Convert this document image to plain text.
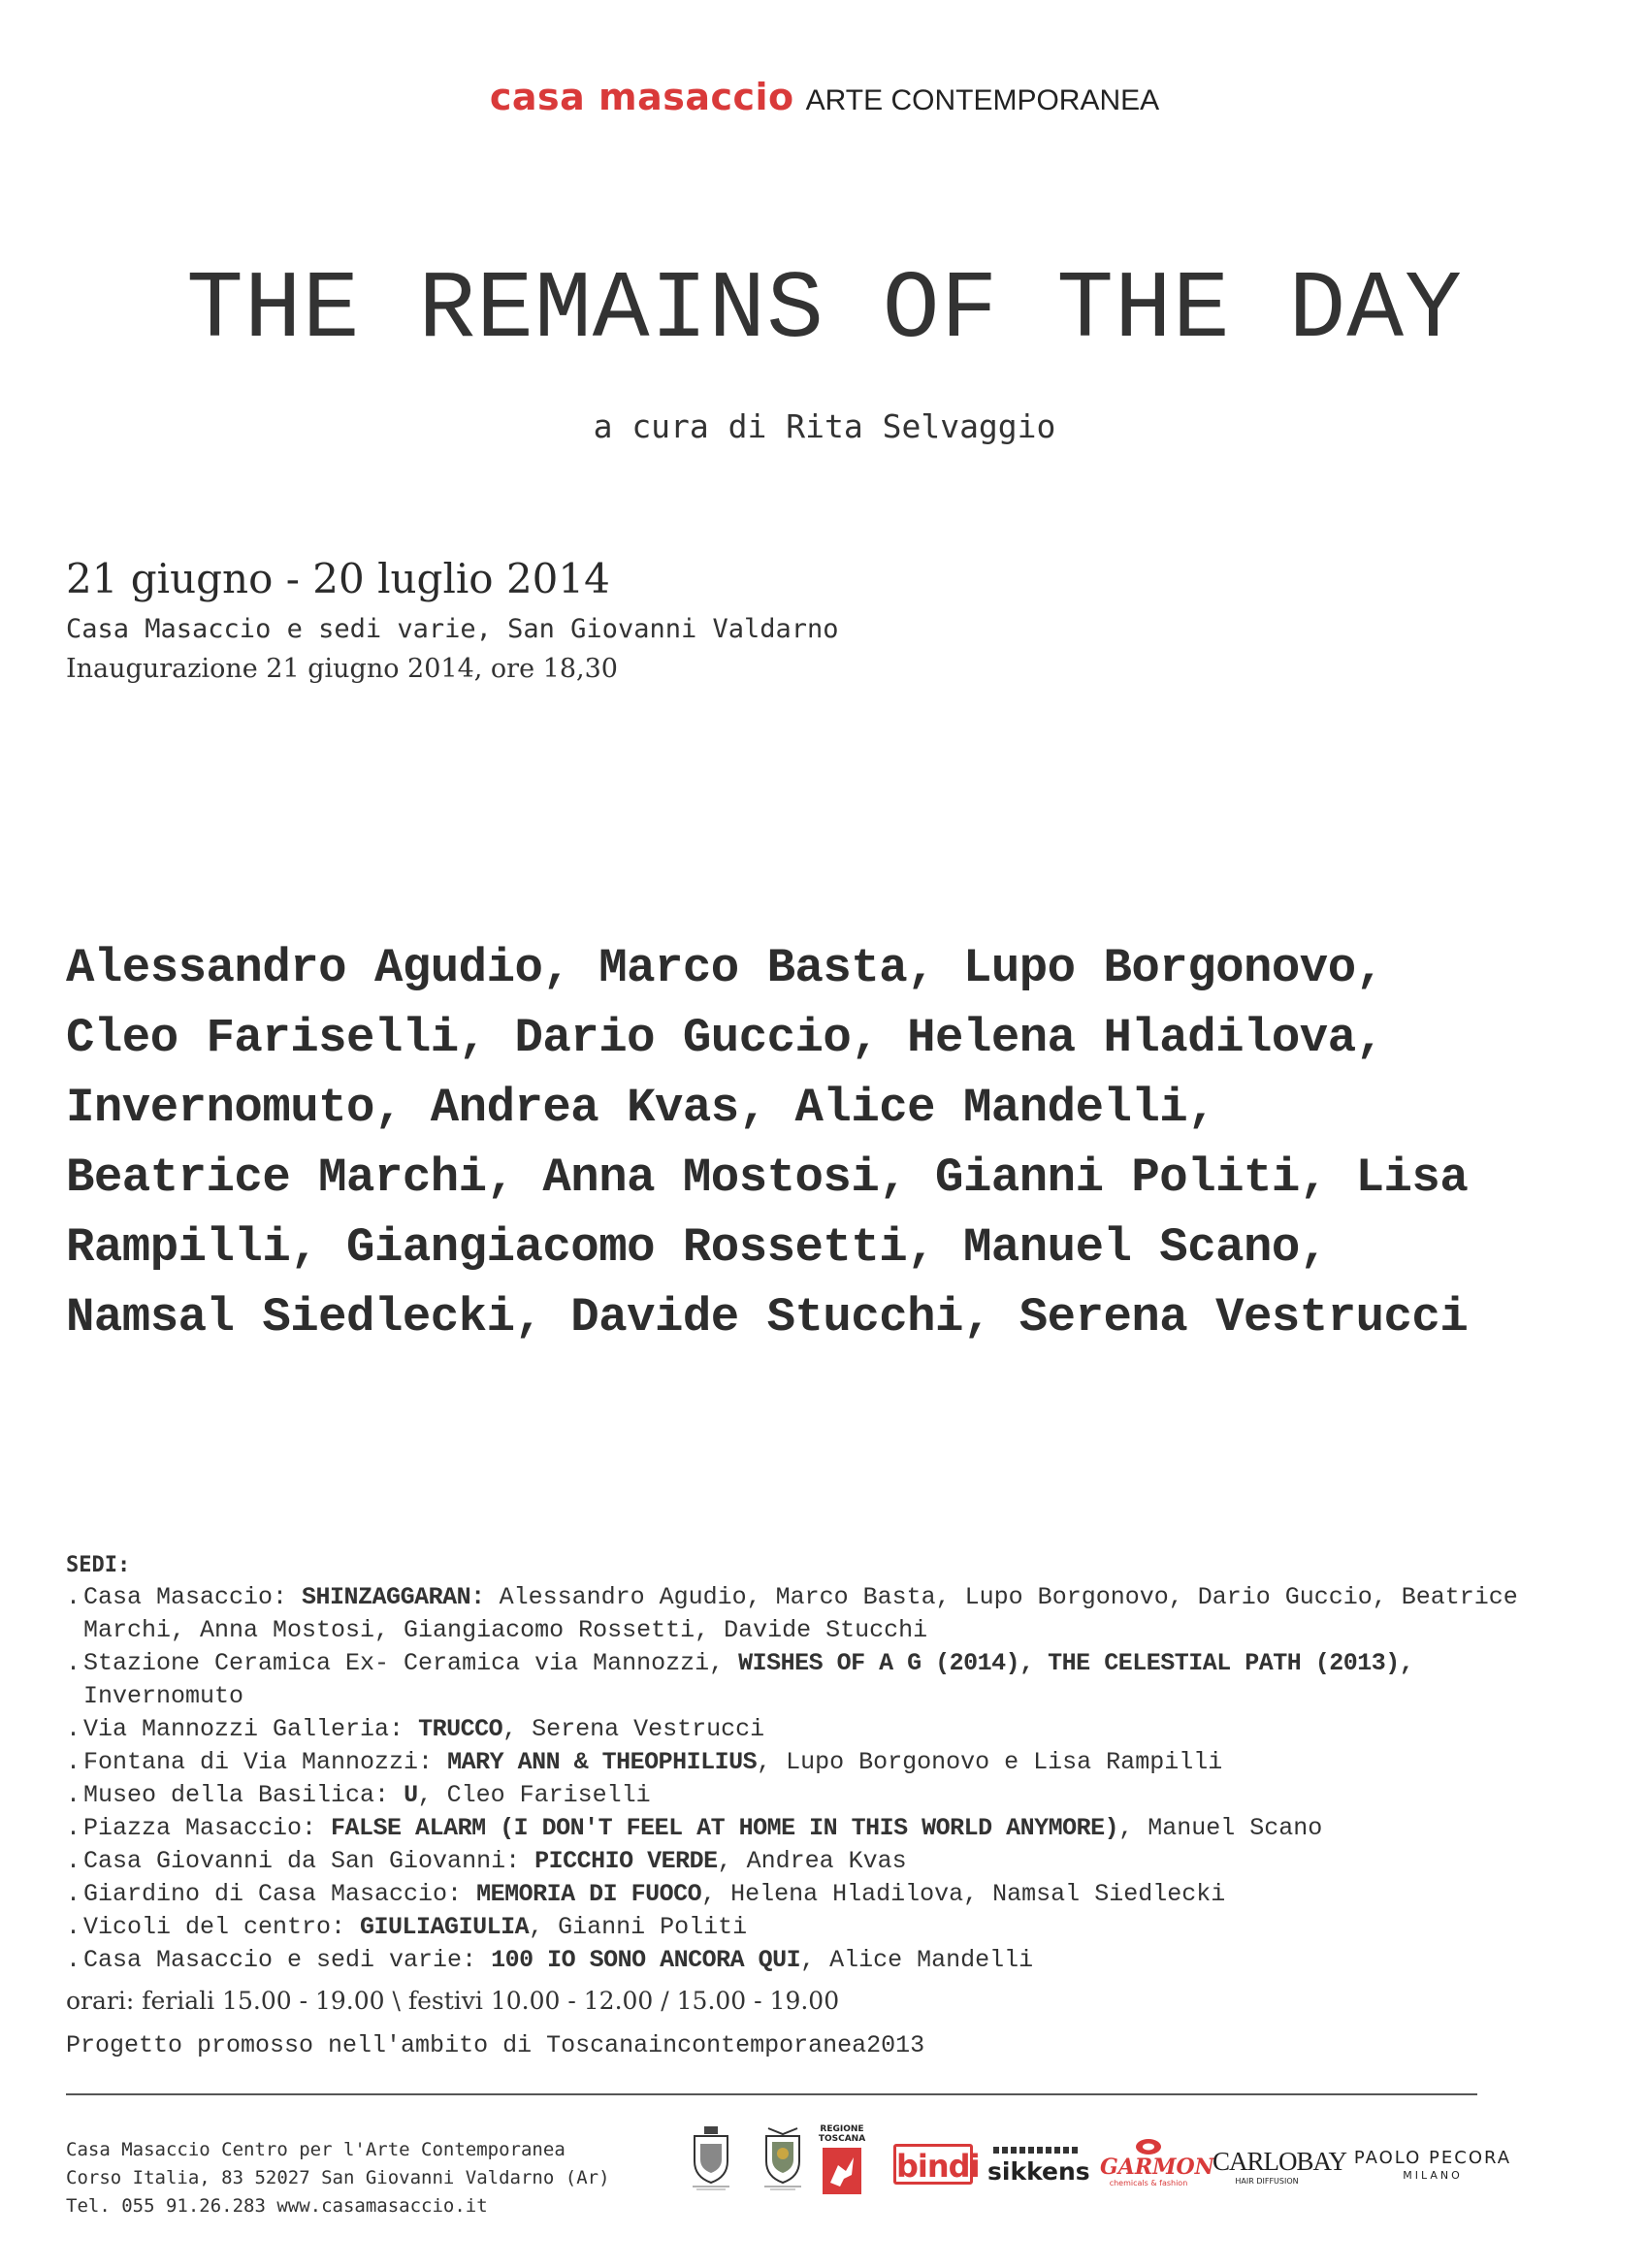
casa masaccio ARTE CONTEMPORANEA
THE REMAINS OF THE DAY
a cura di Rita Selvaggio
21 giugno - 20 luglio 2014
Casa Masaccio e sedi varie, San Giovanni Valdarno
Inaugurazione 21 giugno 2014, ore 18,30
Alessandro Agudio, Marco Basta, Lupo Borgonovo,
Cleo Fariselli, Dario Guccio, Helena Hladilova,
Invernomuto, Andrea Kvas, Alice Mandelli,
Beatrice Marchi, Anna Mostosi, Gianni Politi, Lisa
Rampilli, Giangiacomo Rossetti, Manuel Scano,
Namsal Siedlecki, Davide Stucchi, Serena Vestrucci
SEDI:
. Casa Masaccio: SHINZAGGARAN: Alessandro Agudio, Marco Basta, Lupo Borgonovo, Dario Guccio, Beatrice Marchi, Anna Mostosi, Giangiacomo Rossetti, Davide Stucchi
. Stazione Ceramica Ex- Ceramica via Mannozzi, WISHES OF A G (2014), THE CELESTIAL PATH (2013), Invernomuto
. Via Mannozzi Galleria: TRUCCO, Serena Vestrucci
. Fontana di Via Mannozzi: MARY ANN & THEOPHILIUS, Lupo Borgonovo e Lisa Rampilli
. Museo della Basilica: U, Cleo Fariselli
. Piazza Masaccio: FALSE ALARM (I DON'T FEEL AT HOME IN THIS WORLD ANYMORE), Manuel Scano
. Casa Giovanni da San Giovanni: PICCHIO VERDE, Andrea Kvas
. Giardino di Casa Masaccio: MEMORIA DI FUOCO, Helena Hladilova, Namsal Siedlecki
. Vicoli del centro: GIULIAGIULIA, Gianni Politi
. Casa Masaccio e sedi varie: 100 IO SONO ANCORA QUI, Alice Mandelli
orari: feriali 15.00 - 19.00 \ festivi 10.00 - 12.00 / 15.00 - 19.00
Progetto promosso nell'ambito di Toscanaincontemporanea2013
Casa Masaccio Centro per l'Arte Contemporanea
Corso Italia, 83 52027 San Giovanni Valdarno (Ar)
Tel. 055 91.26.283 www.casamasaccio.it
REGIONE TOSCANA
bindi sikkens GARMON
chemicals & fashion
CARLOBAY
HAIR DIFFUSION
PAOLO PECORA
MILANO
